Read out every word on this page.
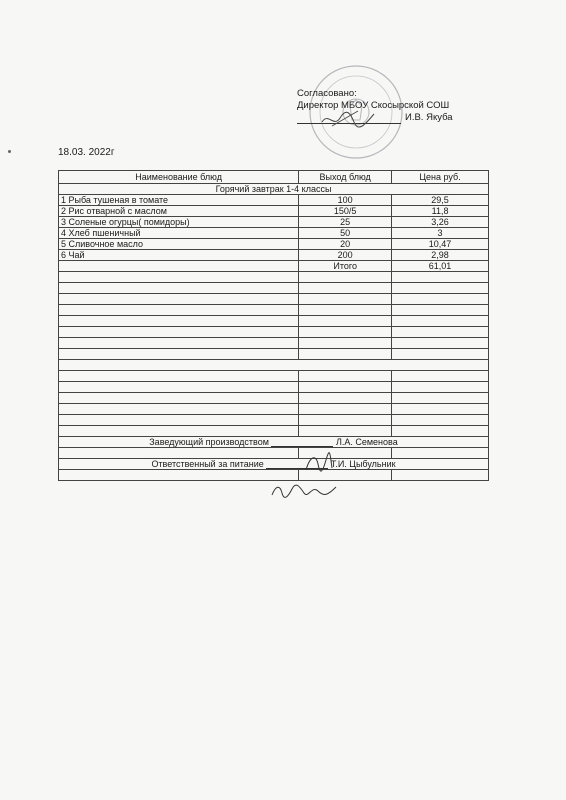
Согласовано:
Директор МБОУ Скосырской СОШ
И.В. Якуба
18.03. 2022г
Наименование блюд	Выход блюд	Цена руб.
Горячий завтрак 1-4 классы		
1 Рыба тушеная в томате	100	29,5
2 Рис отварной с маслом	150/5	11,8
3 Соленые огурцы( помидоры)	25	3,26
4 Хлеб пшеничный	50	3
5 Сливочное масло	20	10,47
6 Чай	200	2,98
	Итого	61,01

Заведующий производством Л.А. Семенова		

Ответственный за питание Т.И. Цыбульник		
